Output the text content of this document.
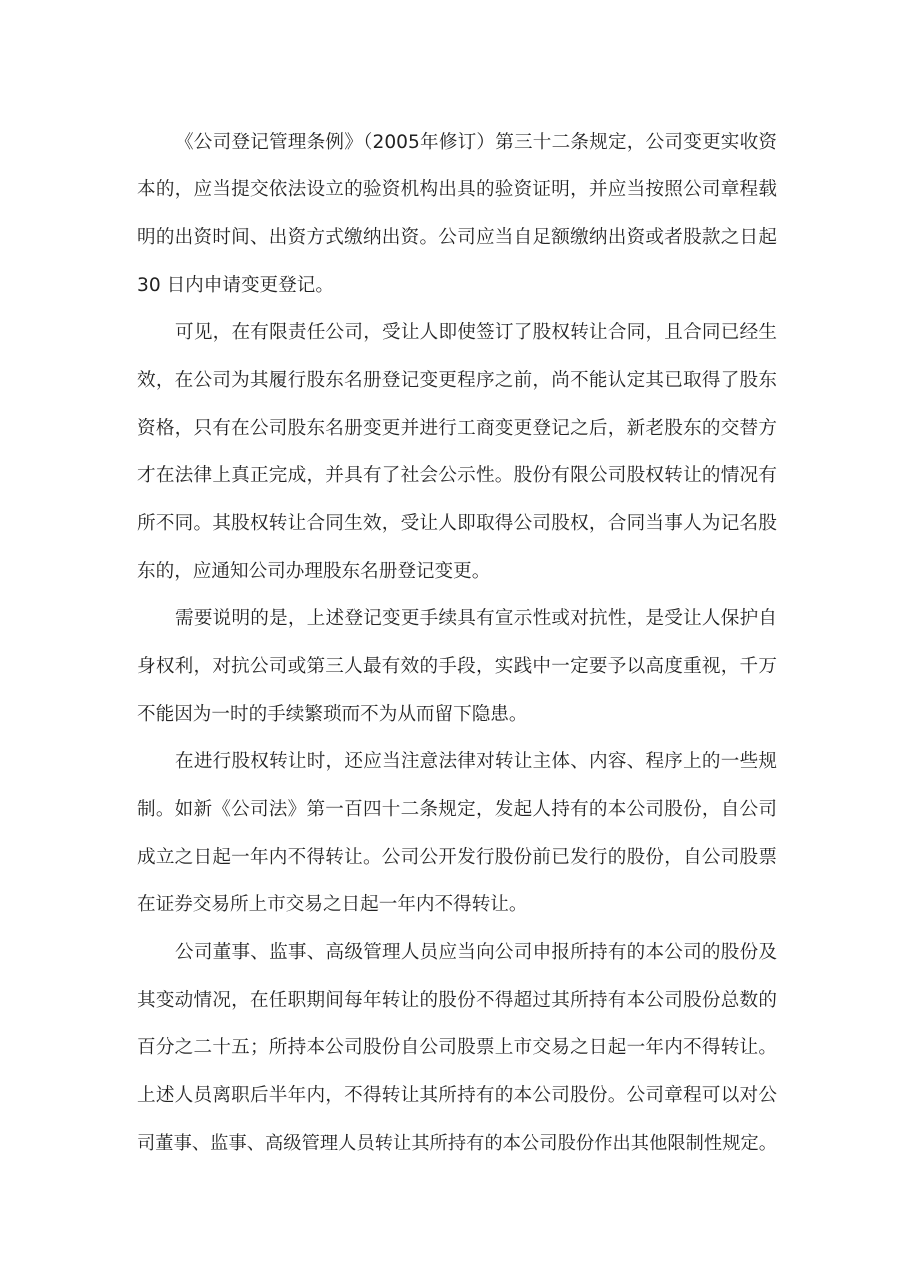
《公司登记管理条例》（2005年修订）第三十二条规定，公司变更实收资

本的，应当提交依法设立的验资机构出具的验资证明，并应当按照公司章程载

明的出资时间、出资方式缴纳出资。公司应当自足额缴纳出资或者股款之日起

30 日内申请变更登记。

可见，在有限责任公司，受让人即使签订了股权转让合同，且合同已经生

效，在公司为其履行股东名册登记变更程序之前，尚不能认定其已取得了股东

资格，只有在公司股东名册变更并进行工商变更登记之后，新老股东的交替方

才在法律上真正完成，并具有了社会公示性。股份有限公司股权转让的情况有

所不同。其股权转让合同生效，受让人即取得公司股权，合同当事人为记名股

东的，应通知公司办理股东名册登记变更。

需要说明的是，上述登记变更手续具有宣示性或对抗性，是受让人保护自

身权利，对抗公司或第三人最有效的手段，实践中一定要予以高度重视，千万

不能因为一时的手续繁琐而不为从而留下隐患。

在进行股权转让时，还应当注意法律对转让主体、内容、程序上的一些规

制。如新《公司法》第一百四十二条规定，发起人持有的本公司股份，自公司

成立之日起一年内不得转让。公司公开发行股份前已发行的股份，自公司股票

在证券交易所上市交易之日起一年内不得转让。

公司董事、监事、高级管理人员应当向公司申报所持有的本公司的股份及

其变动情况，在任职期间每年转让的股份不得超过其所持有本公司股份总数的

百分之二十五；所持本公司股份自公司股票上市交易之日起一年内不得转让。

上述人员离职后半年内，不得转让其所持有的本公司股份。公司章程可以对公

司董事、监事、高级管理人员转让其所持有的本公司股份作出其他限制性规定。
